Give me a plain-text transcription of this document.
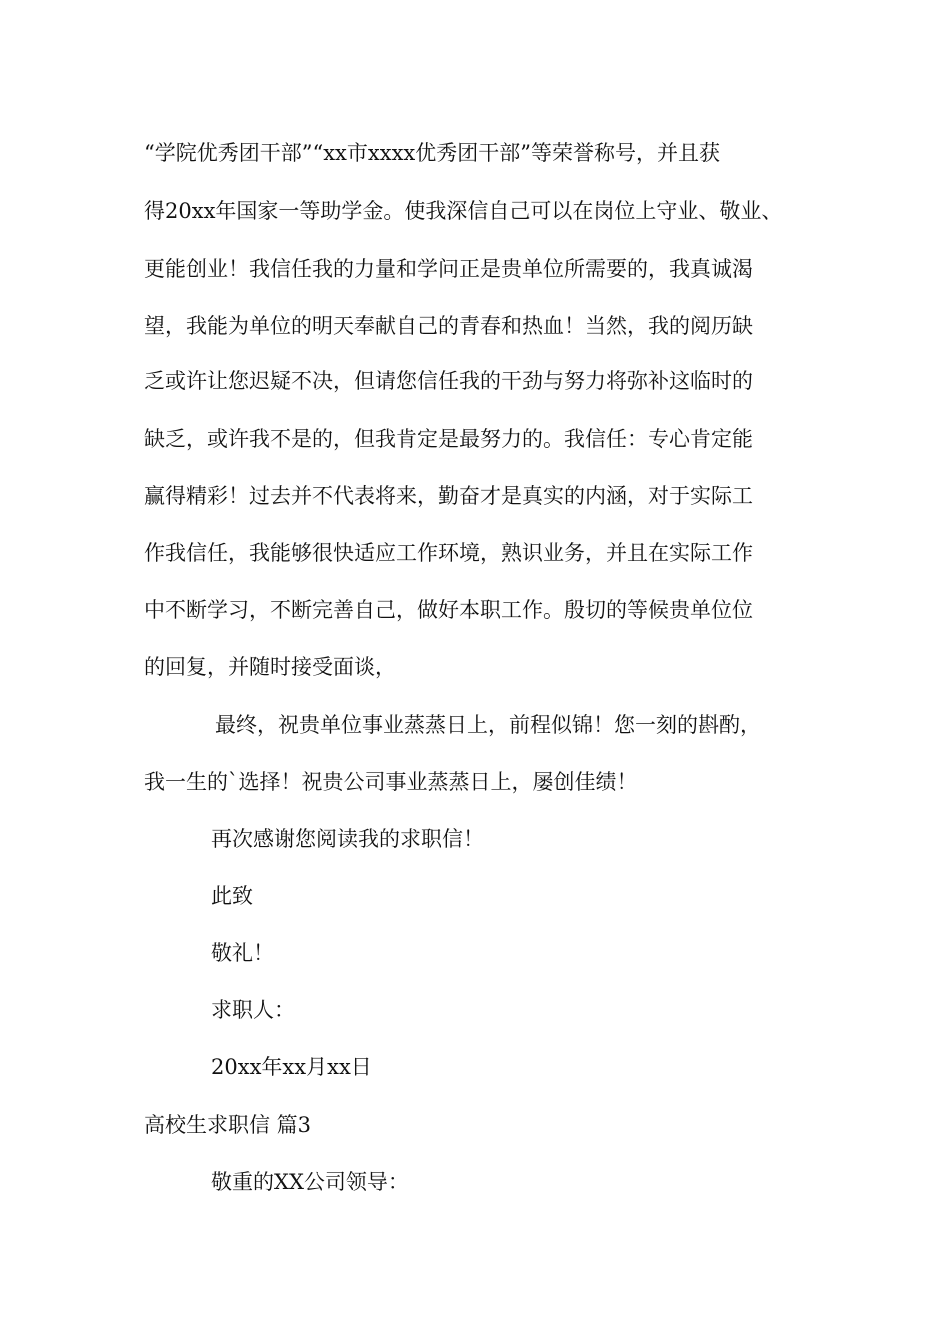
“学院优秀团干部”“xx市xxxx优秀团干部”等荣誉称号，并且获
得20xx年国家一等助学金。使我深信自己可以在岗位上守业、敬业、
更能创业！我信任我的力量和学问正是贵单位所需要的，我真诚渴
望，我能为单位的明天奉献自己的青春和热血！当然，我的阅历缺
乏或许让您迟疑不决，但请您信任我的干劲与努力将弥补这临时的
缺乏，或许我不是的，但我肯定是最努力的。我信任：专心肯定能
赢得精彩！过去并不代表将来，勤奋才是真实的内涵，对于实际工
作我信任，我能够很快适应工作环境，熟识业务，并且在实际工作
中不断学习，不断完善自己，做好本职工作。殷切的等候贵单位位
的回复，并随时接受面谈，
最终，祝贵单位事业蒸蒸日上，前程似锦！您一刻的斟酌，
我一生的`选择！祝贵公司事业蒸蒸日上，屡创佳绩！
再次感谢您阅读我的求职信！
此致
敬礼！
求职人：
20xx年xx月xx日
高校生求职信 篇3
敬重的XX公司领导：
